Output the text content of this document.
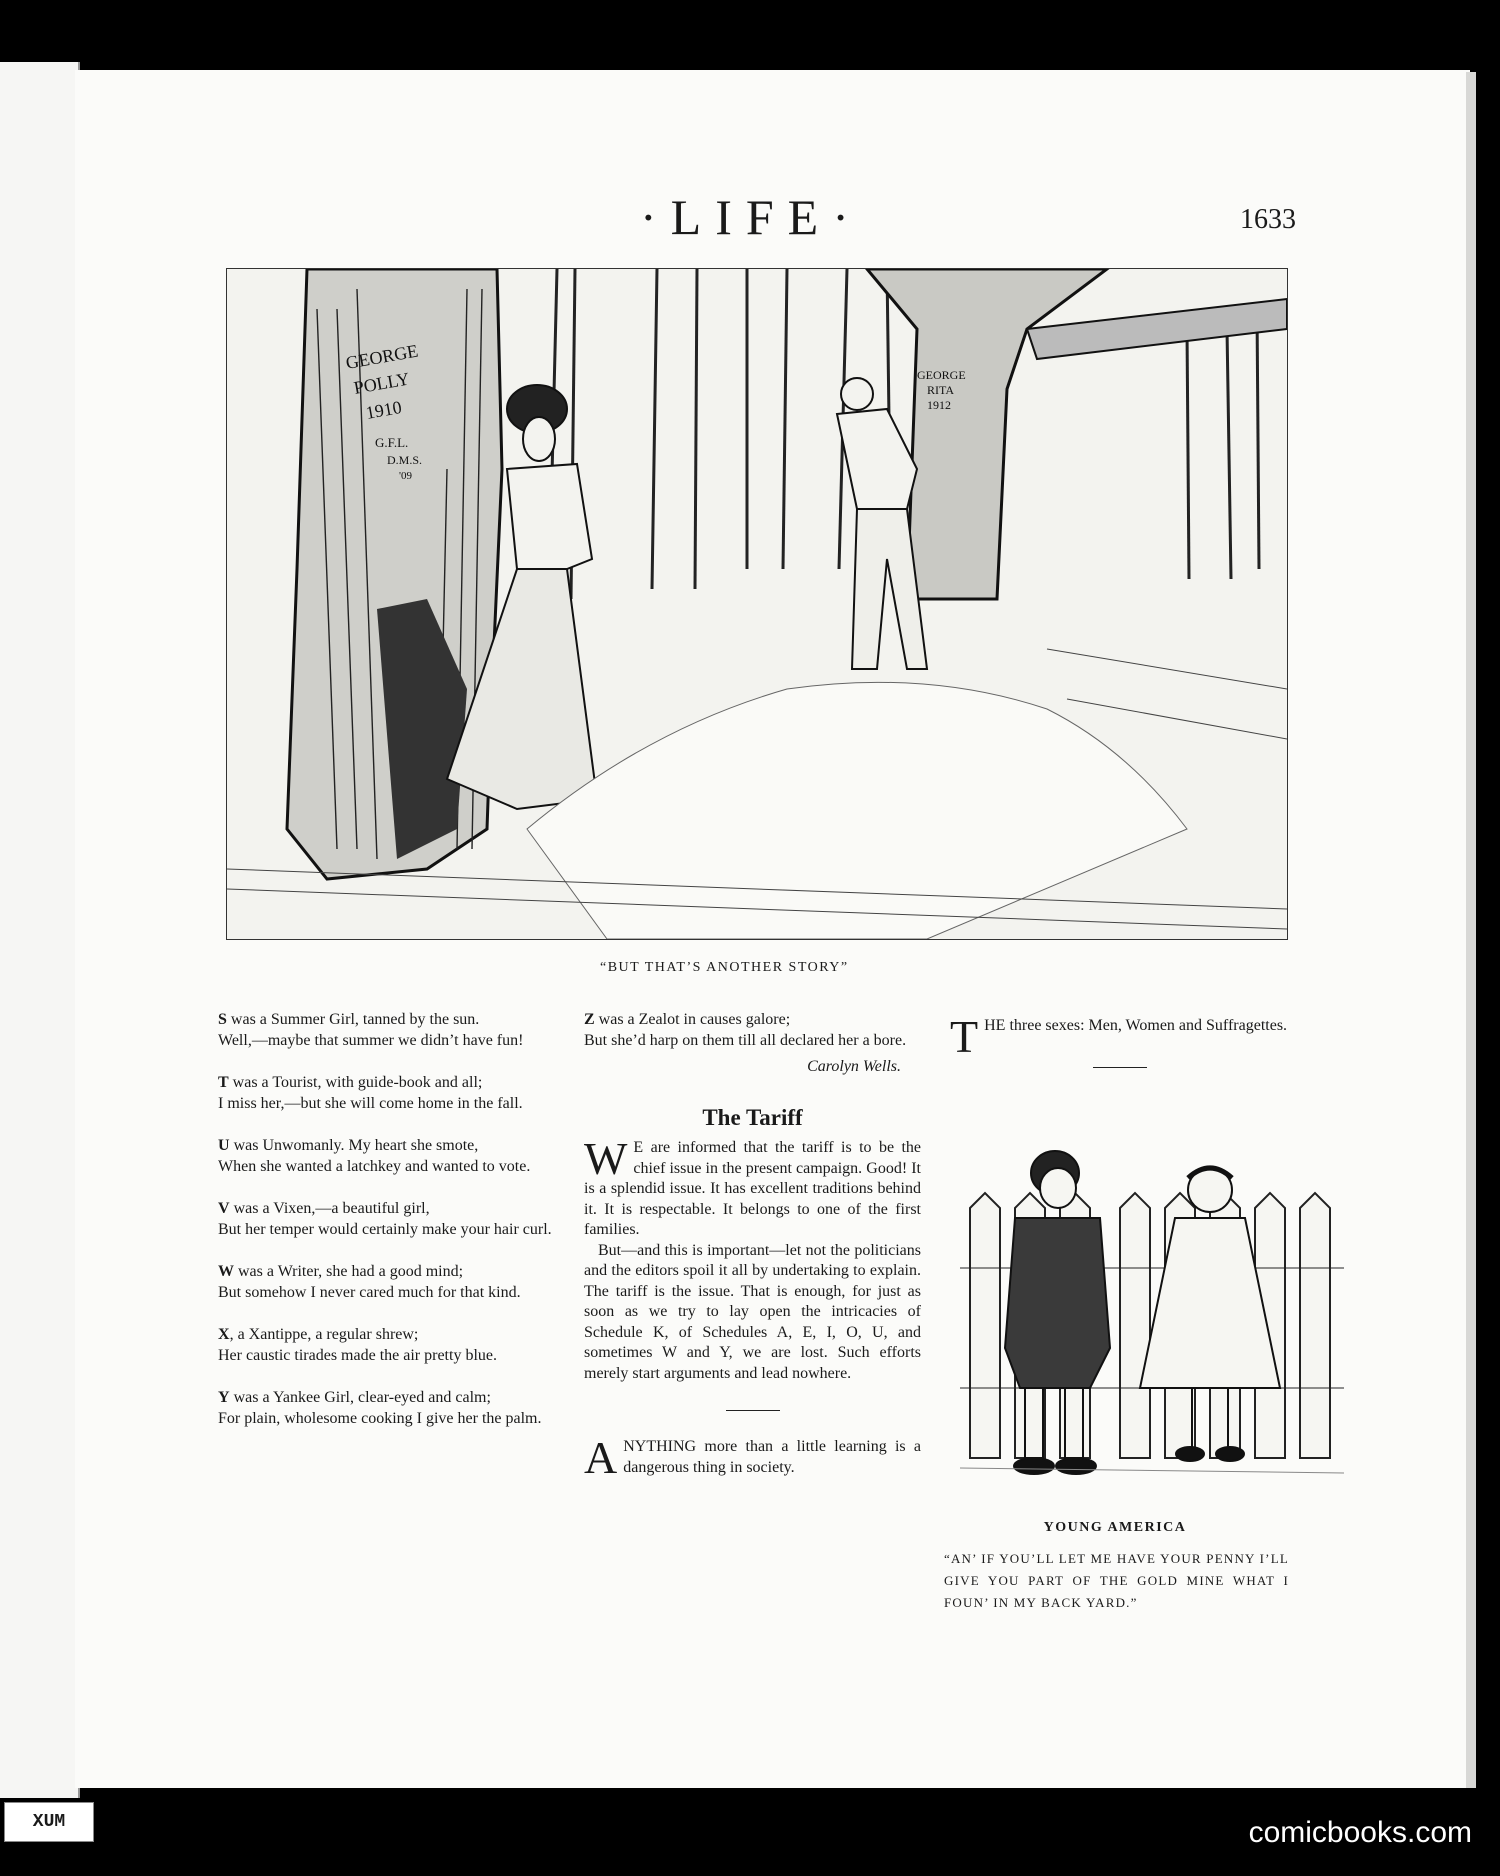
·LIFE·	1633
GEORGE
POLLY
1910
G.F.L.
D.M.S.
'09
GEORGE
RITA
1912
“BUT THAT’S ANOTHER STORY”
S was a Summer Girl, tanned by the sun.
Well,—maybe that summer we didn’t have fun!
T was a Tourist, with guide-book and all;
I miss her,—but she will come home in the fall.
U was Unwomanly. My heart she smote,
When she wanted a latchkey and wanted to vote.
V was a Vixen,—a beautiful girl,
But her temper would certainly make your hair curl.
W was a Writer, she had a good mind;
But somehow I never cared much for that kind.
X, a Xantippe, a regular shrew;
Her caustic tirades made the air pretty blue.
Y was a Yankee Girl, clear-eyed and calm;
For plain, wholesome cooking I give her the palm.
Z was a Zealot in causes galore;
But she’d harp on them till all declared her a bore.
Carolyn Wells.
The Tariff
W E are informed that the tariff is to be the chief issue in the present campaign. Good! It is a splendid issue. It has excellent traditions behind it. It is respectable. It belongs to one of the first families.
But—and this is important—let not the politicians and the editors spoil it all by undertaking to explain. The tariff is the issue. That is enough, for just as soon as we try to lay open the intricacies of Schedule K, of Schedules A, E, I, O, U, and sometimes W and Y, we are lost. Such efforts merely start arguments and lead nowhere.
ANYTHING more than a little learning is a dangerous thing in society.
THE three sexes: Men, Women and Suffragettes.
YOUNG AMERICA
“AN’ IF YOU’LL LET ME HAVE YOUR PENNY I’LL GIVE YOU PART OF THE GOLD MINE WHAT I FOUN’ IN MY BACK YARD.”
XUM	comicbooks.com
